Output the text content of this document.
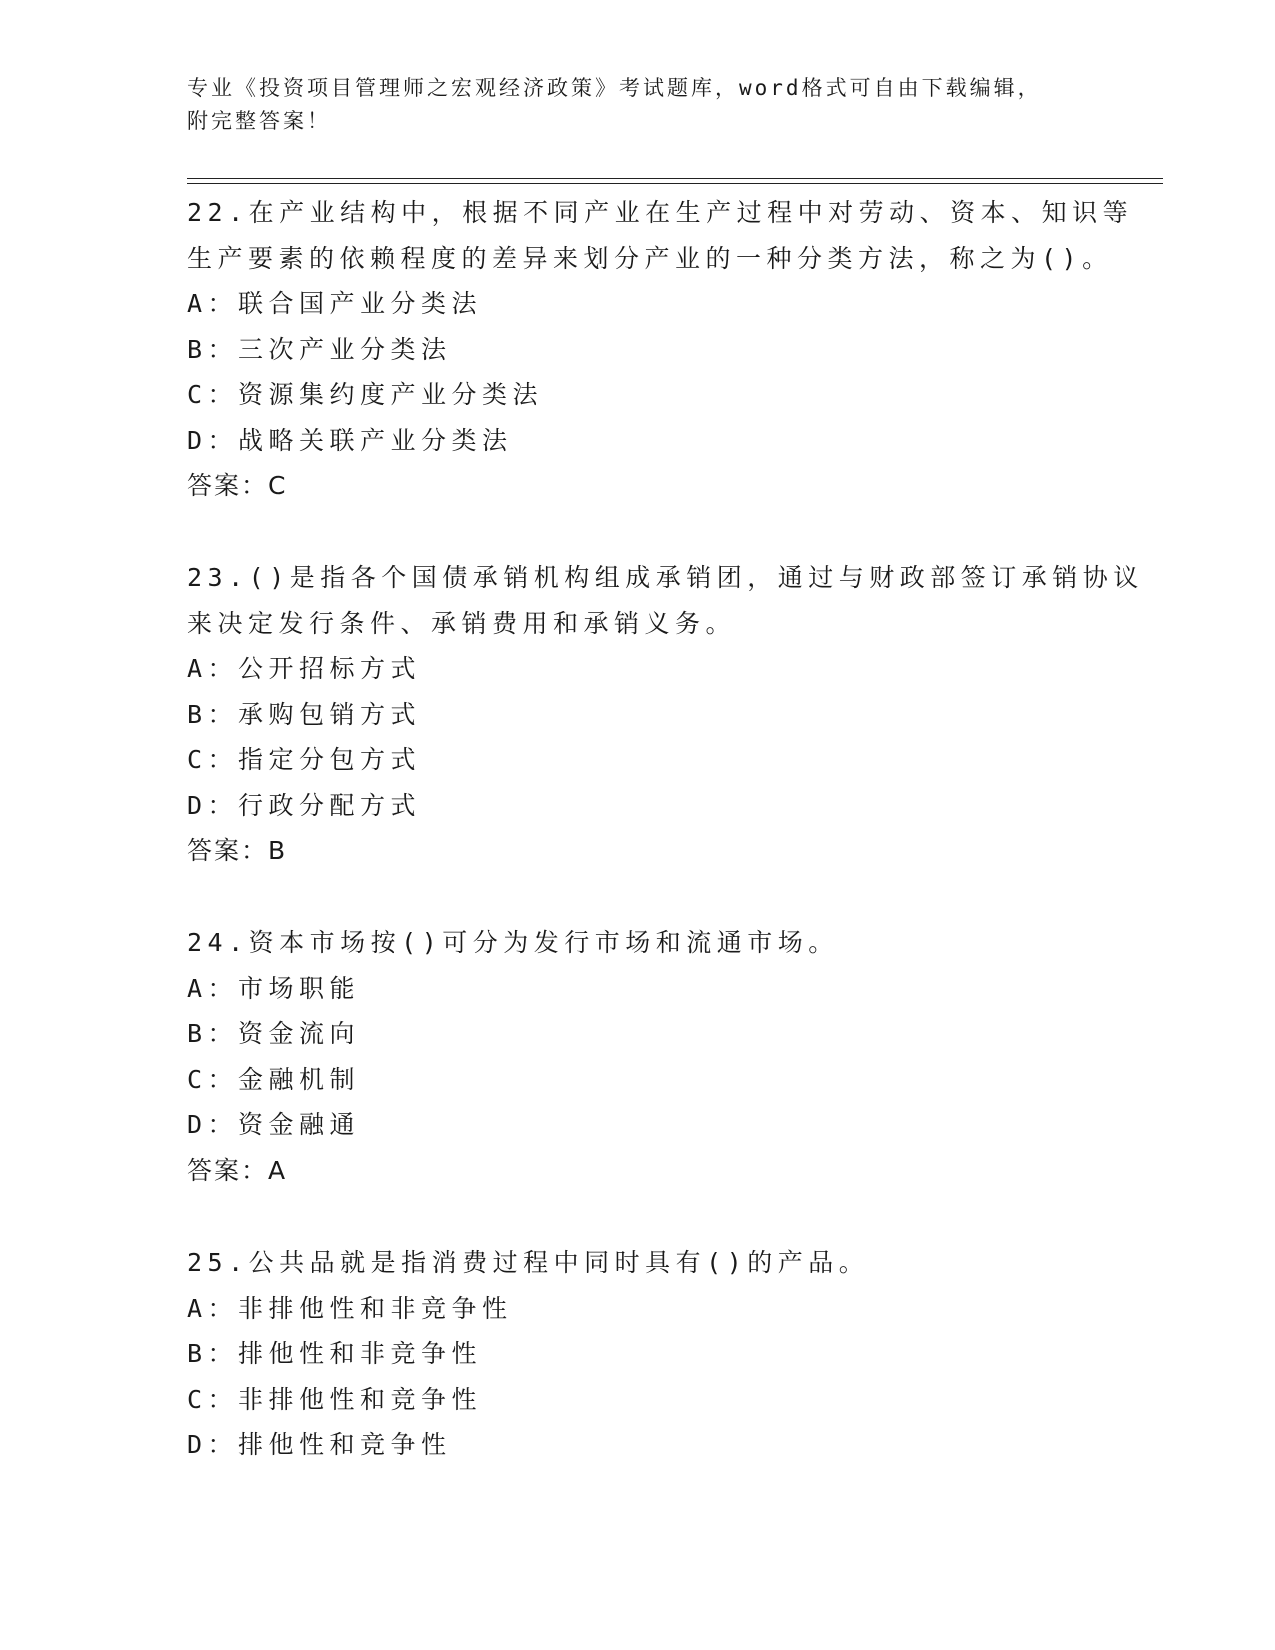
专业《投资项目管理师之宏观经济政策》考试题库，word格式可自由下载编辑，
附完整答案！
22.在产业结构中，根据不同产业在生产过程中对劳动、资本、知识等
生产要素的依赖程度的差异来划分产业的一种分类方法，称之为()。
A：联合国产业分类法
B：三次产业分类法
C：资源集约度产业分类法
D：战略关联产业分类法
答案：C
23.()是指各个国债承销机构组成承销团，通过与财政部签订承销协议
来决定发行条件、承销费用和承销义务。
A：公开招标方式
B：承购包销方式
C：指定分包方式
D：行政分配方式
答案：B
24.资本市场按()可分为发行市场和流通市场。
A：市场职能
B：资金流向
C：金融机制
D：资金融通
答案：A
25.公共品就是指消费过程中同时具有()的产品。
A：非排他性和非竞争性
B：排他性和非竞争性
C：非排他性和竞争性
D：排他性和竞争性
